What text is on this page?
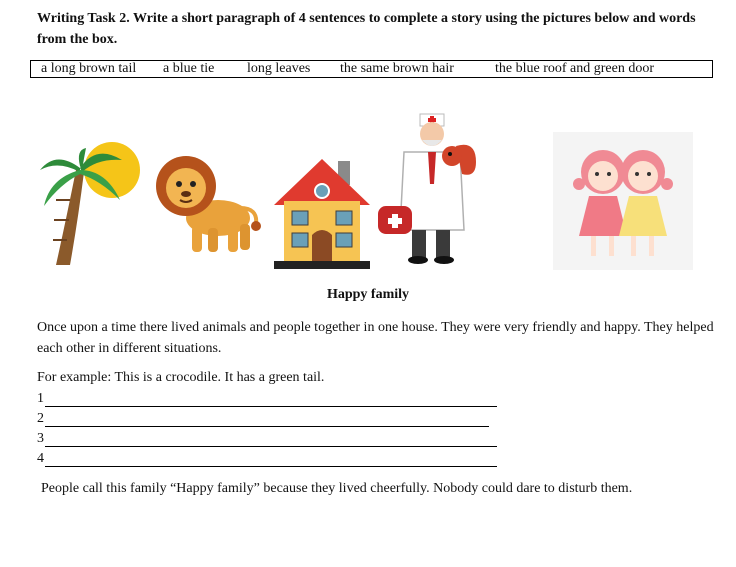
Writing Task 2. Write a short paragraph of 4 sentences to complete a story using the pictures below and words from the box.

a long brown tail a blue tie long leaves the same brown hair	the blue roof and green door

Happy family

Once upon a time there lived animals and people together in one house. They were very friendly and happy. They helped each other in different situations.

For example: This is a crocodile. It has a green tail.

1
2
3
4

People call this family “Happy family” because they lived cheerfully. Nobody could dare to disturb them.
